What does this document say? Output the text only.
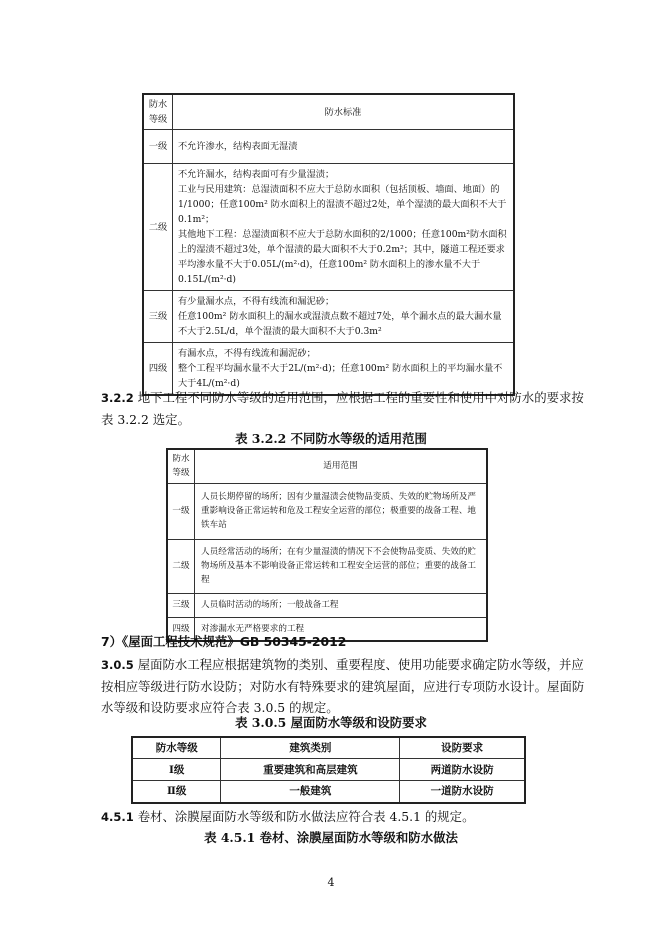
防水
等级	防水标准
一级	不允许渗水，结构表面无湿渍
二级	不允许漏水，结构表面可有少量湿渍；
工业与民用建筑：总湿渍面积不应大于总防水面积（包括顶板、墙面、地面）的1/1000；任意100m² 防水面积上的湿渍不超过2处，单个湿渍的最大面积不大于0.1m²；
其他地下工程：总湿渍面积不应大于总防水面积的2/1000；任意100m²防水面积上的湿渍不超过3处，单个湿渍的最大面积不大于0.2m²；其中，隧道工程还要求平均渗水量不大于0.05L/(m²·d)，任意100m² 防水面积上的渗水量不大于0.15L/(m²·d)
三级	有少量漏水点，不得有线流和漏泥砂；
任意100m² 防水面积上的漏水或湿渍点数不超过7处，单个漏水点的最大漏水量不大于2.5L/d，单个湿渍的最大面积不大于0.3m²
四级	有漏水点，不得有线流和漏泥砂；
整个工程平均漏水量不大于2L/(m²·d)；任意100m² 防水面积上的平均漏水量不大于4L/(m²·d)
3.2.2 地下工程不同防水等级的适用范围，应根据工程的重要性和使用中对防水的要求按表 3.2.2 选定。
表 3.2.2 不同防水等级的适用范围
防水
等级	适用范围
一级	人员长期停留的场所；因有少量湿渍会使物品变质、失效的贮物场所及严重影响设备正常运转和危及工程安全运营的部位；极重要的战备工程、地铁车站
二级	人员经常活动的场所；在有少量湿渍的情况下不会使物品变质、失效的贮物场所及基本不影响设备正常运转和工程安全运营的部位；重要的战备工程
三级	人员临时活动的场所；一般战备工程
四级	对渗漏水无严格要求的工程
7）《屋面工程技术规范》GB 50345-2012
3.0.5 屋面防水工程应根据建筑物的类别、重要程度、使用功能要求确定防水等级，并应按相应等级进行防水设防；对防水有特殊要求的建筑屋面，应进行专项防水设计。屋面防水等级和设防要求应符合表 3.0.5 的规定。
表 3.0.5 屋面防水等级和设防要求
防水等级	建筑类别	设防要求
Ⅰ级	重要建筑和高层建筑	两道防水设防
Ⅱ级	一般建筑	一道防水设防
4.5.1 卷材、涂膜屋面防水等级和防水做法应符合表 4.5.1 的规定。
表 4.5.1 卷材、涂膜屋面防水等级和防水做法
4
